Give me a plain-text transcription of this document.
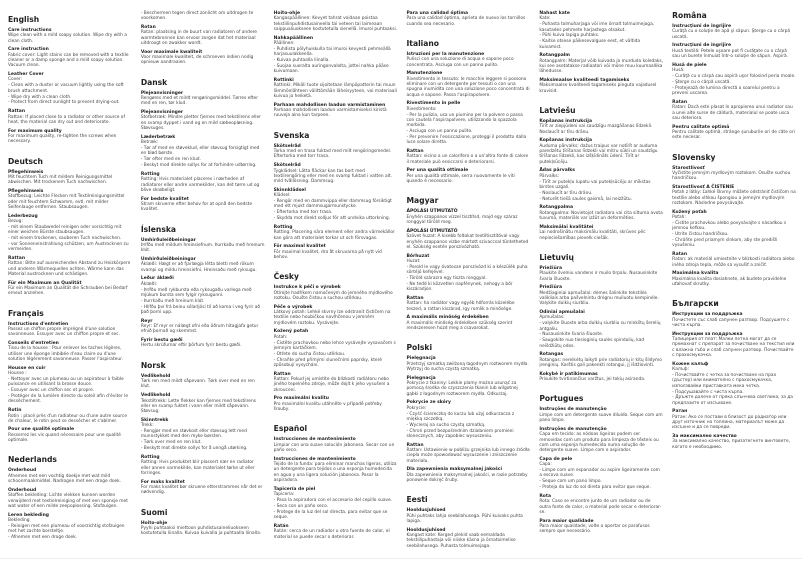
English
Care instructions
Wipe clean with a mild soapy solution. Wipe dry with a clean cloth.
Care instruction
Fabric cover: Light stains can be removed with a textile cleaner or a damp sponge and a mild soapy solution. Vacuum clean.
Leather Cover
Cover:
- Clean with a duster or vacuum lightly using the soft brush attachment.
- Wipe dry with a clean cloth.
- Protect from direct sunlight to prevent drying-out.
Rattan
Rattan: If placed close to a radiator or other source of heat, the material can dry out and deteriorate.
For maximum quality
For maximum quality, re-tighten the screws when necessary.
Deutsch
Pflegehinweis
Mit feuchtem Tuch mit mildem Reinigungsmittel abwischen. Mit trockenem Tuch nachwischen.
Pflegehinweis
Stoffbezug: Leichte Flecken mit Textilreinigungsmittel oder mit feuchtem Schwamm, evtl. mit milder Seifenlauge entfernen. Staubsaugen.
Lederbezug
Bezug:
- mit einem Staubwedel reinigen oder vorsichtig mit einer weichen Bürste staubsaugen.
- mit einem trockenen, sauberen Tuch nachwischen.
- vor Sonneneinstrahlung schützen, um Austrocknen zu vermeiden.
Rattan
Rattan: Bitte auf ausreichenden Abstand zu Heizkörpern und anderen Wärmequellen achten. Wärme kann das Material austrocknen und schädigen.
Für ein Maximum an Qualität
Für ein Maximum an Qualität die Schrauben bei Bedarf erneut anziehen.
Français
Instructions d'entretien
Passez un chiffon propre imprégné d'une solution savonneuse. Essuyer avec un chiffon propre et sec.
Conseils d'entretien
Tissu de la housse : Pour enlever les taches légères, utiliser une éponge imbibée d'eau claire ou d'une solution légèrement savonneuse. Passer l'aspirateur.
Housse en cuir
Housse :
- Nettoyer avec un plumeau ou un aspirateur à faible puissance en utilisant la brosse douce.
- Essuyer avec un chiffon sec et propre.
- Protéger de la lumière directe du soleil afin d'éviter le dessèchement.
Rotin
Rotin : placé près d'un radiateur ou d'une autre source de chaleur, le rotin peut se dessécher et s'abîmer.
Pour une qualité optimale
Resserrez les vis quand nécessaire pour une qualité optimale.
Nederlands
Onderhoud
Afnemen met een vochtig doekje met wat mild schoonmaakmiddel. Nadrogen met een droge doek.
Onderhoud
Stoffen bekleding: Lichte vlekken kunnen worden verwijderd met textielreiniging of met een sponsje met wat water of een milde zeepoplossing. Stofzuigen.
Leren bekleding
Bekleding
- Reinigen met een plumeau of voorzichtig stofzuigen met het zachte borsteltje.
- Afnemen met een droge doek.
- Beschermen tegen direct zonlicht om uitdrogen te voorkomen.
Rotan
Rotan: plaatsing in de buurt van radiatoren of andere warmtebronnen kan ervoor zorgen dat het materiaal uitdroogt en zwakker wordt.
Voor maximale kwaliteit
Voor maximale kwaliteit, de schroeven indien nodig opnieuw aandraaien.
Dansk
Plejeanvisninger
Rengøres med et mildt rengøringsmiddel. Tørres efter med en ren, tør klud.
Plejeanvisninger
Stofbetræk: Mindre pletter fjernes med tekstilrens eller en svamp dyppet i vand og en mild sæbeopløsning. Støvsuges.
Læderbetræk
Betræk:
- Tør af med en støveklud, eller støvsug forsigtigt med en blød børste.
- Tør efter med en ren klud.
- Beskyt mod direkte sollys for at forhindre udtørring.
Rotting
Rotting: Hvis materialet placeres i nærheden af radiatorer eller andre varmekilder, kan det tørre ud og blive skrøbeligt.
For bedste kvalitet
Stram skruerne efter behov for at opnå den bedste kvalitet.
Íslenska
Umhirðuleiðbeiningar
Þrífðu með mildum hreinsiefnum. Þurrkaðu með hreinum klút.
Umhirðuleiðbeiningar
Áklæði: Hægt er að fjarlægja létta bletti með rökum svampi og mildu hreinsiefni. Hreinsaðu með ryksugu.
Leður áklæði
Áklæði:
- Þrífðu með rykbursta eða ryksugaðu varlega með mjúkum bursta sem fylgir ryksugunni.
- Þurrkaðu með hreinum klút.
- Hlífðu því frá beinu sólarljósi til að koma í veg fyrir að það þorni upp.
Reyr
Reyr: Ef reyr er nálægt ofni eða öðrum hitagjafa getur efnið þornað og skemmst.
Fyrir bestu gæði
Hertu skrúfurnar eftir þörfum fyrir bestu gæði.
Norsk
Vedlikehold
Tørk ren med mildt såpevann. Tørk over med en ren klut.
Vedlikehold
Tekstiltrekk: Lette flekker kan fjernes med tekstilrens eller en svamp fuktet i vann eller mildt såpevann. Støvsug.
Skinntrekk
Trekk:
- Rengjør med en støvkost eller støvsug lett med munnstykket med den myke børsten.
- Tørk over med en ren klut.
- Beskytt mot direkte sollys for å unngå utørking.
Rotting
Rotting: Hvis produktet blir plassert nær en radiator eller annen varmekilde, kan materialet tørke ut eller forringes.
For maks kvalitet
For maks kvalitet bør skruene etterstrammes når det er nødvendig.
Suomi
Hoito-ohje
Pyyhi puhtaaksi miettoon puhdistusaineliuokseen kostutetulla liinalla. Kuivaa kuivalla ja puhtaalla liinalla.
Hoito-ohje
Kangaspäällinen: Kevyet tahrat voidaan poistaa tekstiilinpuhdistusaineella tai veteen tai laimeaan saippualiuokseen kostutetulla sienellä. Imuroi puhtaaksi.
Nahkapäällinen
Päällinen:
- Puhdista pölyhuiskulla tai imuroi kevyesti pehmeällä harjasuulakkeella.
- Kuivaa puhtaalla liinalla.
- Suojaa suoralta auringonvalolta, jottei nahka pääse kuivumaan.
Rottinki
Rottinki: Mikäli tuote sijoitetaan lämpöpatterin tai muun lämmönlähteen välittömään läheisyyteen, voi materiaali kuivua ja heiketä.
Parhaan mahdollisen laadun varmistaminen
Parhaan mahdollisen laadun varmistamiseksi kiristä ruuveja aina kun tarpeen.
Svenska
Skötselråd
Torka med en trasa fuktad med milt rengöringsmedel. Eftertorka med torr trasa.
Skötselråd
Tygklädsel: Lätta fläckar kan tas bort med textilrengöring eller med en svamp fuktad i vatten alt. mild tvållösning. Dammsug.
Skinnklädsel
Klädsel:
- Rengör med en dammvippa eller dammsug försiktigt med ett mjukt dammsugarmunstycke.
- Eftertorka med torr trasa.
- Skydda mot direkt solljus för att undvika uttorkning.
Rotting
Rotting: Placering nära element eller andra värmekällor kan göra att materialet torkar ut och försvagas.
För maximal kvalitet
För maximal kvalitet, dra åt skruvarna på nytt vid behov.
Česky
Instrukce k péči o výrobek
Otírejte hadříkem namočeným do jemného mýdlového roztoku. Osušte čistou a suchou utěrkou.
Péče o výrobek
Látkový potah: Lehké skvrny lze odstranit čističem na textilie nebo houbičkou navlhčenou v jemném mýdlovém roztoku. Vysávejte.
Kožený potah
Potah:
- Čistěte prachovkou nebo lehce vysávejte vysavačem s jemným kartáčkem.
- Otřete do sucha čistou utěrkou.
- Chraňte před přímými slunečními paprsky, které způsobují vysychání.
Rattan
Rattan: Pokud jej umístíte do blízkosti radiátoru nebo jiného tepelného zdroje, může dojít k jeho vysušení a zkroucení.
Pro maximální kvalitu
Pro maximální kvalitu utáhněte v případě potřeby šrouby.
Español
Instrucciones de mantenimiento
Limpiar con una suave solución jabonosa. Secar con un paño seco.
Instrucciones de mantenimiento
Tejido de la funda: para eliminar manchas ligeras, utiliza un detergente para tejidos o una esponja humedecida en agua y una ligera solución jabonosa. Pasar la aspiradora.
Tapicería de piel
Tapicería:
- Pasa la aspiradora con el accesorio del cepillo suave.
- Seca con un paño seco.
- Protege de la luz del sol directa, para evitar que se seque.
Ratán
Ratán: cerca de un radiador u otra fuente de calor, el material se puede secar o deteriorar.
Para una calidad óptima
Para una calidad óptima, aprieta de nuevo los tornillos cuando sea necesario.
Italiano
Istruzioni per la manutenzione
Pulisci con una soluzione di acqua e sapone poco concentrata. Asciuga con un panno pulito.
Manutenzione
Rivestimento in tessuto: le macchie leggere si possono eliminare con un detergente per tessuti o con una spugna inumidita con una soluzione poco concentrata di acqua e sapone. Passa l'aspirapolvere.
Rivestimento in pelle
Rivestimento:
- Per la pulizia, usa un piumino per la polvere o passa con cautela l'aspirapolvere, utilizzando la spazzola morbida.
- Asciuga con un panno pulito.
- Per prevenire l'essiccazione, proteggi il prodotto dalla luce solare diretta.
Rattan
Rattan: vicino a un calorifero o a un'altra fonte di calore il materiale può essiccarsi e deteriorarsi.
Per una qualità ottimale
Per una qualità ottimale, serra nuovamente le viti quando è necessario.
Magyar
ÁPOLÁSI ÚTMUTATÓ
Enyhén szappanos vízzel tisztítsd, majd egy száraz ronggyal töröld meg.
ÁPOLÁSI ÚTMUTATÓ
Szövet huzat: A kisebb foltokat textiltisztítóval vagy enyhén szappanos vízbe mártott szivaccsal tüntetheted el. Szükség esetén porszívózható.
Bőrhuzat
Huzat:
- Porold le vagy óvatosan porszívózd ki a készülék puha sörtéjű kefejével.
- Töröld szárazra egy tiszta ronggyal.
- Ne tedd ki közvetlen napfénynek, nehogy a bőr kiszáradjon.
Rattan
Rattan: ha radiátor vagy egyéb hőforrás közelébe teszed, a rattan kiszárad, így romlik a minősége.
A maximális minőség érdekében
A maximális minőség érdekében szükség szerint rendszeresen húzd meg a csavarokat.
Polski
Pielęgnacja
Przetrzyj szmatką zwilżoną łagodnym roztworem mydła. Wytrzyj do sucha czystą szmatką.
Pielęgnacja
Pokrycie z tkaniny: Lekkie plamy można usunąć za pomocą środka do czyszczenia tkanin lub wilgotnej gąbki z łagodnym roztworem mydła. Odkurzaj.
Pokrycie ze skóry
Pokrycie:
- Czyść ściereczką do kurzu lub użyj odkurzacza z miękką szczotką.
- Wycieraj na sucho czystą szmatką.
- Chroń przed bezpośrednim działaniem promieni słonecznych, aby zapobiec wysuszeniu.
Rattan
Rattan: Ustawienie w pobliżu grzejnika lub innego źródła ciepła może spowodować wysuszenie i zniszczenie materiału.
Dla zapewnienia maksymalnej jakości
Dla zapewnienia maksymalnej jakości, w razie potrzeby ponownie dokręć śruby.
Eesti
Hooldusjuhised
Pühi puhtaks lahja seebilahusega. Pühi kuivaks puhta lapiga.
Hooldusjuhised
Kangast kate: Kerged plekid saab eemaldada tekstiilipuhastaja või niiske käsna ja õrnatoimelise seebilahusega. Puhasta tolmuimejaga.
Nahast kate
Kate:
- Puhasta tolmuharjaga või ime õrnalt tolmuimejaga, kasutades pehmete harjastega otsakut.
- Pühi kuiva lapiga puhtaks.
- Kaitse otsese päikesevalguse eest, et vältida kuivamist.
Rotangpalm
Rotangpalm: Materjal võib kuivada ja murduda koledaks, kui see asetatakse radiaatori või mõne muu kuumaallika lähedusse.
Maksimaalse kvaliteedi tagamiseks
Maksimaalse kvaliteedi tagamiseks pinguta vajadusel kruvisid.
Latviešu
Kopšanas instrukcija
Tīrīt ar ziepjūdeni vai saudzīgu mazgāšanas līdzekli. Noslaucīt ar tīru drānu.
Kopšanas instrukcija
Auduma pārvalks: dažus traipus var notīrīt ar auduma paredzētu tīrīšanas līdzekli vai mitru sūkli un saudzīgu tīrīšanas līdzekli, kas izšķīdināts ūdenī. Tīrīt ar putekļsūcēju.
Ādas pārvalks
Pārvalks:
- Tīrīt ar putekļu lupatu vai putekļsūcēju ar mīkstas birstes uzgali.
- Noslaucīt ar tīru drānu.
- Neturēt tiešā saules gaismā, lai neizžūtu.
Rotangpalma
Rotangpalma: Novietojot radiatora vai cita siltuma avota tuvumā, materiāls var izžūt un deformēties.
Maksimālai kvalitātei
Lai nodrošinātu maksimālu kvalitāti, skrūves pēc nepieciešamības pievelk ciešāk.
Lietuvių
Priežiūra
Plaukite švelniu vandens ir muilo tirpalu. Nusausinkite švaria šluoste.
Priežiūra
Medžiaginiai apmušalai: dėmes šalinkite tekstilės valikliais arba pašvelnintu drėgnu muiluotu kempinėle. Valykite dulkių siurbliu.
Odiniai apmušalai
Apmušalas:
- valykite šluoste arba dulkių siurbliu su minkštų šerelių antgaliu.
- Nusausinkite švaria šluoste.
- Saugokite nuo tiesioginių saulės spindulių, kad neišdžiūtų odos.
Rotangas
Rotangas: nereikėtų laikyti prie radiatorių ir kitų šildymo įrenginių. Karštis gali pakenkti rotangui, jį išdžiovinti.
Kokybė ir patikimumas
Prisukite tvirtinančius varžtus, jei tokių asiranda.
Portugues
Instruções de manutenção
Limpe com um detergente suave diluído. Seque com um pano limpo.
Instruções de manutenção
Capa em tecido: as nódoas ligeiras podem ser removidas com um produto para limpeza de têxteis ou com uma esponja humedecida numa solução de detergente suave. Limpe com o aspirador.
Capa de pele
Capa:
- Limpe com um espanador ou aspire ligeiramente com a escova suave.
- Seque com um pano limpo.
- Proteja da luz do sol direta para evitar que seque.
Rota
Rota: Caso se encontre junto de um radiador ou de outra fonte de calor, o material pode secar e deteriorar-se.
Para maior qualidade
Para maior qualidade, volte a apertar os parafusos sempre que necessário.
Româna
Instrucţiuni de îngrijire
Curăţă cu o soluţie de apă şi săpun. Şterge cu o cârpă uscată.
Instrucţiuni de îngrijire
Husă textilă: Petele uşoare pot fi curăţate cu o cârpă sau un burete înmuiat într-o soluţie de săpun. Aspiră.
Husă de piele
Husă:
- Curăţă cu o cârpă sau aspiră uşor folosind peria moale.
- Şterge cu o cârpă uscată.
- Protejează de lumina directă a soarelui pentru a preveni uscarea.
Ratan
Ratan: Dacă este plasat în apropierea unui radiator sau a unei alte surse de căldură, materialul se poate usca sau deteriora.
Pentru calitate optimă
Pentru calitate optimă, strânge şuruburile ori de câte ori este necesar.
Slovensky
Starostlivosť
Vyčistite jemným mydlovým roztokom. Osušte suchou handričkou.
Starostlivosť A ČISTENIE
Poťah z látky: Ľahké škvrny môžete odstrániť čističom na textílie alebo vlhkou špongiou a jemným mydlovým roztokom. Následne povysávajte.
Kožený poťah
Poťah:
- Čistite prachovkou alebo povysávajte s násadkou s jemnou kefkou.
- Utrite čistou handričkou.
- Chráňte pred priamym slnkom, aby ste predišli vysušeniu.
Ratan
Ratan: ak materiál umiestnite v blízkosti radiátora alebo iného zdroja tepla, môže sa vysušiť a zničiť.
Maximálna kvalita
Maximálna kvalita dosiahnete, ak budete pravidelne uťahovať skrutky.
Български
Инструкции за поддръжка
Почистете със слаб сапунен разтвор. Подсушете с чиста кърпа.
Инструкции за поддръжка
Тапицерия от плат: Малки петна могат да се премахнат с препарат за почистване на текстил или с влажна гъба и слаб сапунен разтвор. Почиствайте с прахосмукачка.
Кожен калъф
Калъф:
- Почиствайте с четка за почистване на прах (дъстер) или внимателно с прахосмукачка, използвайки приставката мека четка.
- Подсушавайте с чиста кърпа.
- Дръжте далече от пряка слънчева светлина, за да предпазите от изсъхване.
Ратан
Ратан: Ако се постави в близост до радиатор или друг източник на топлина, материалът може да изсъхне и да се повреди.
За максимално качество
За максимално качество, призатегнете винтовете, когато е необходимо.
